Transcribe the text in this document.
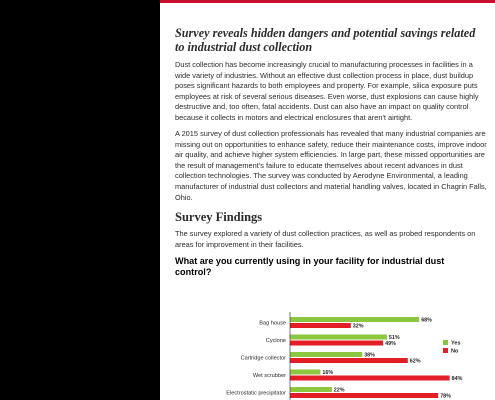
Survey reveals hidden dangers and potential savings related to industrial dust collection

Dust collection has become increasingly crucial to manufacturing processes in facilities in a wide variety of industries. Without an effective dust collection process in place, dust buildup poses significant hazards to both employees and property. For example, silica exposure puts employees at risk of several serious diseases. Even worse, dust explosions can cause highly destructive and, too often, fatal accidents. Dust can also have an impact on quality control because it collects in motors and electrical enclosures that aren't airtight.

A 2015 survey of dust collection professionals has revealed that many industrial companies are missing out on opportunities to enhance safety, reduce their maintenance costs, improve indoor air quality, and achieve higher system efficiencies. In large part, these missed opportunities are the result of management's failure to educate themselves about recent advances in dust collection technologies. The survey was conducted by Aerodyne Environmental, a leading manufacturer of industrial dust collectors and material handling valves, located in Chagrin Falls, Ohio.

Survey Findings

The survey explored a variety of dust collection practices, as well as probed respondents on areas for improvement in their facilities.

What are you currently using in your facility for industrial dust control?
Bag house
68%
32%
Cyclone
51%
49%
Cartridge collector
38%
62%
Wet scrubber
16%
84%
Electrostatic precipitator
22%
78%
Yes
No
